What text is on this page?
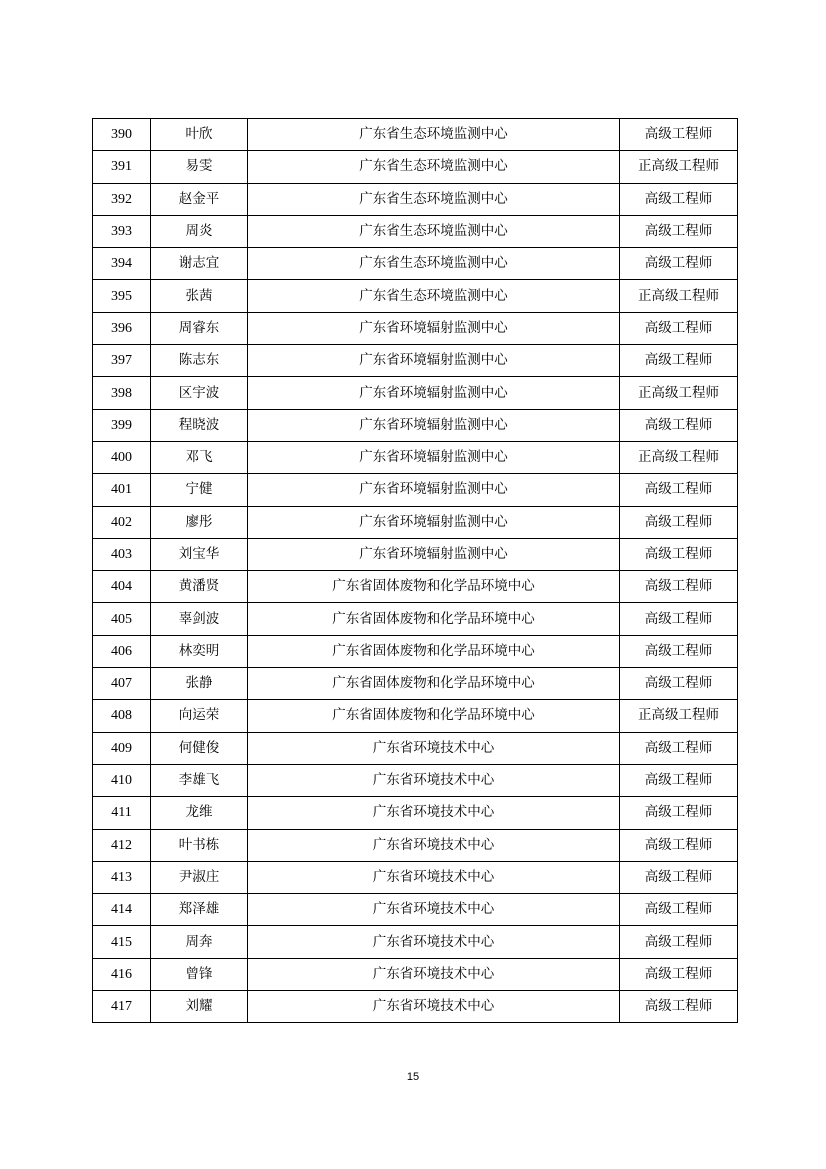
390	叶欣	广东省生态环境监测中心	高级工程师
391	易雯	广东省生态环境监测中心	正高级工程师
392	赵金平	广东省生态环境监测中心	高级工程师
393	周炎	广东省生态环境监测中心	高级工程师
394	谢志宜	广东省生态环境监测中心	高级工程师
395	张茜	广东省生态环境监测中心	正高级工程师
396	周睿东	广东省环境辐射监测中心	高级工程师
397	陈志东	广东省环境辐射监测中心	高级工程师
398	区宇波	广东省环境辐射监测中心	正高级工程师
399	程晓波	广东省环境辐射监测中心	高级工程师
400	邓飞	广东省环境辐射监测中心	正高级工程师
401	宁健	广东省环境辐射监测中心	高级工程师
402	廖彤	广东省环境辐射监测中心	高级工程师
403	刘宝华	广东省环境辐射监测中心	高级工程师
404	黄潘贤	广东省固体废物和化学品环境中心	高级工程师
405	辜剑波	广东省固体废物和化学品环境中心	高级工程师
406	林奕明	广东省固体废物和化学品环境中心	高级工程师
407	张静	广东省固体废物和化学品环境中心	高级工程师
408	向运荣	广东省固体废物和化学品环境中心	正高级工程师
409	何健俊	广东省环境技术中心	高级工程师
410	李雄飞	广东省环境技术中心	高级工程师
411	龙维	广东省环境技术中心	高级工程师
412	叶书栋	广东省环境技术中心	高级工程师
413	尹淑庄	广东省环境技术中心	高级工程师
414	郑泽雄	广东省环境技术中心	高级工程师
415	周奔	广东省环境技术中心	高级工程师
416	曾锋	广东省环境技术中心	高级工程师
417	刘耀	广东省环境技术中心	高级工程师
15
